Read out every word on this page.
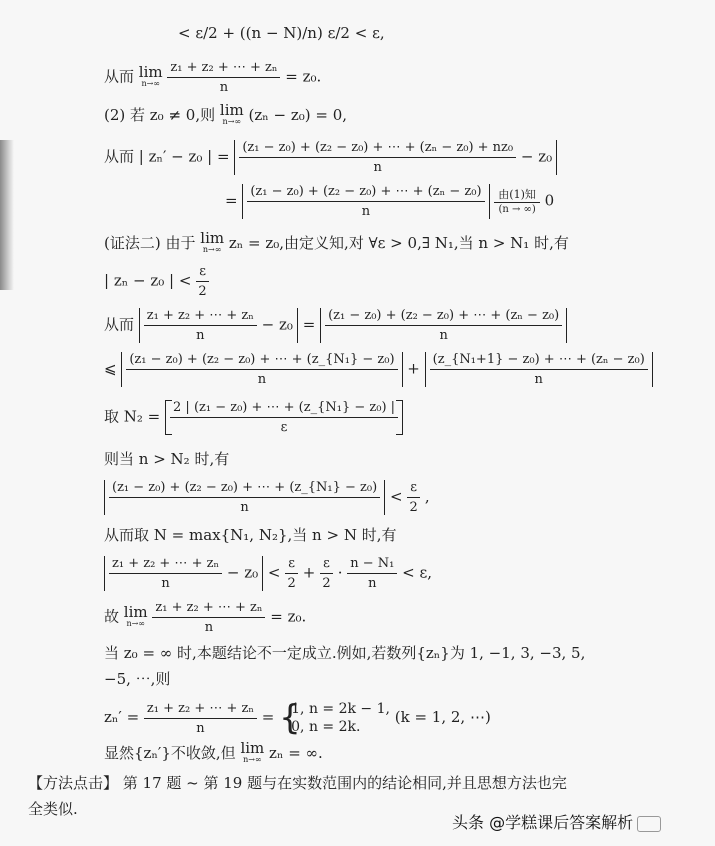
< ε/2 + ((n − N)/n) ε/2 < ε,
从而 lim
n→∞
$\frac{\text{z₁ + z₂ + ⋯ + zₙ}}{n} = z_0$.
(2) 若 z₀ ≠ 0,则 lim
n→∞ (zₙ − z₀) = 0,
从而 | zₙ′ − z₀ | = $\frac{\text{(z₁ − z₀) + (z₂ − z₀) + ⋯ + (zₙ − z₀) + nz₀}}{n} - z_0$
= $\frac{\text{(z₁ − z₀) + (z₂ − z₀) + ⋯ + (zₙ − z₀)}}{n}$
	由(1)知
(n → ∞) 0
(证法二) 由于 lim
n→∞ zₙ = z₀,由定义知,对 ∀ε > 0,∃ N₁,当 n > N₁ 时,有
| zₙ − z₀ | < $\frac{\varepsilon}{2}$
从而 $\frac{\text{z₁ + z₂ + ⋯ + zₙ}}{n} - z_0 = \frac{\text{(z₁ − z₀) + (z₂ − z₀) + ⋯ + (zₙ − z₀)}}{n}$
⩽ $\frac{\text{(z₁ − z₀) + (z₂ − z₀) + ⋯ + (z\_\{N₁\} − z₀)}}{n} + \frac{\text{(z\_\{N₁+1\} − z₀) + ⋯ + (zₙ − z₀)}}{n}$
取 $N_2 = \frac{\text{2 | (z₁ − z₀) + ⋯ + (z\_\{N₁\} − z₀) |}}{\varepsilon}$
则当 n > N₂ 时,有
$\frac{\text{(z₁ − z₀) + (z₂ − z₀) + ⋯ + (z\_\{N₁\} − z₀)}}{n} < \frac{\varepsilon}{2}$ ,
从而取 N = max{N₁, N₂},当 n > N 时,有
$\frac{\text{z₁ + z₂ + ⋯ + zₙ}}{n} - z_0 < \frac{\varepsilon}{2} + \frac{\varepsilon}{2} \cdot \frac{\text{n − N₁}}{n} < \varepsilon$,
故 lim
n→∞
$\frac{\text{z₁ + z₂ + ⋯ + zₙ}}{n} = z_0$.
当 z₀ = ∞ 时,本题结论不一定成立.例如,若数列{zₙ}为 1, −1, 3, −3, 5,
−5, ⋯,则
$z_n' = \frac{\text{z₁ + z₂ + ⋯ + zₙ}}{n}$ = {
1, n = 2k − 1,
0, n = 2k.
(k = 1, 2, ⋯)
显然{zₙ′}不收敛,但 lim
n→∞ zₙ = ∞.
【方法点击】 第 17 题 ~ 第 19 题与在实数范围内的结论相同,并且思想方法也完
全类似.
头条 @学糕课后答案解析
